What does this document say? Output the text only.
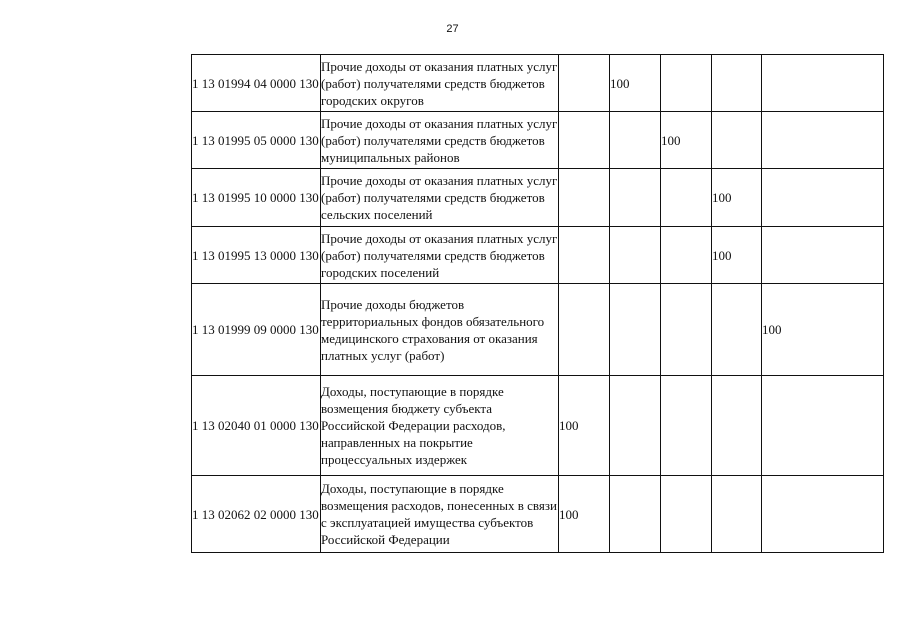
27
1 13 01994 04 0000 130	Прочие доходы от оказания платных услуг (работ) получателями средств бюджетов городских округов		100			
1 13 01995 05 0000 130	Прочие доходы от оказания платных услуг (работ) получателями средств бюджетов муниципальных районов			100		
1 13 01995 10 0000 130	Прочие доходы от оказания платных услуг (работ) получателями средств бюджетов сельских поселений				100	
1 13 01995 13 0000 130	Прочие доходы от оказания платных услуг (работ) получателями средств бюджетов городских поселений				100	
1 13 01999 09 0000 130	Прочие доходы бюджетов территориальных фондов обязательного медицинского страхования от оказания платных услуг (работ)					100
1 13 02040 01 0000 130	Доходы, поступающие в порядке возмещения бюджету субъекта Российской Федерации расходов, направленных на покрытие процессуальных издержек	100				
1 13 02062 02 0000 130	Доходы, поступающие в порядке возмещения расходов, понесенных в связи с эксплуатацией имущества субъектов Российской Федерации	100				
